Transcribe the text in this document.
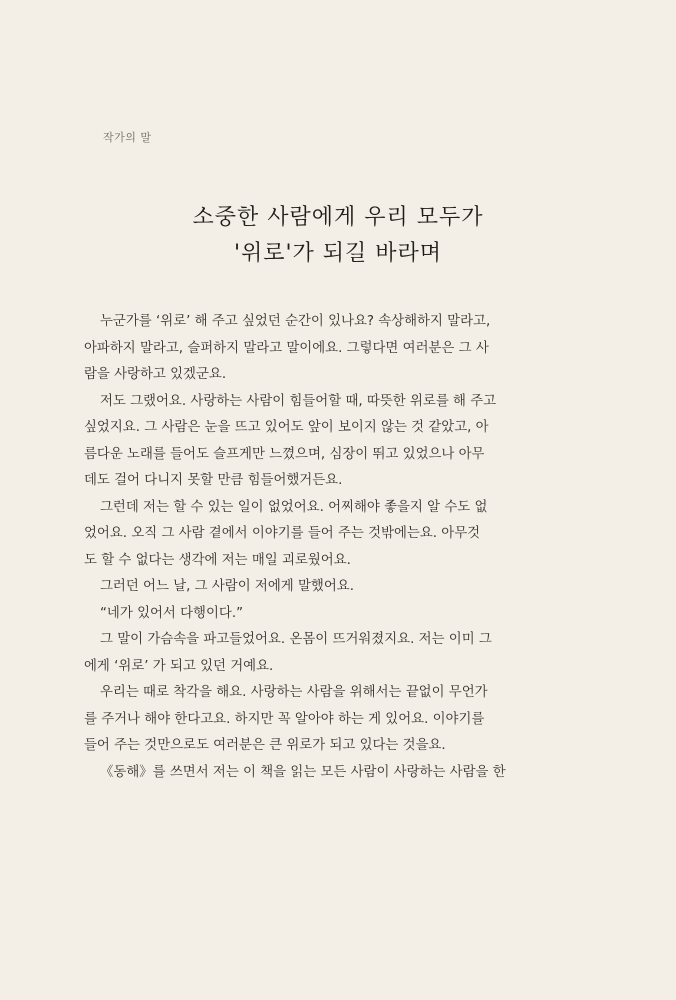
작가의 말
소중한 사람에게 우리 모두가
'위로'가 되길 바라며
누군가를 ‘위로’ 해 주고 싶었던 순간이 있나요? 속상해하지 말라고,
아파하지 말라고, 슬퍼하지 말라고 말이에요. 그렇다면 여러분은 그 사
람을 사랑하고 있겠군요.
저도 그랬어요. 사랑하는 사람이 힘들어할 때, 따뜻한 위로를 해 주고
싶었지요. 그 사람은 눈을 뜨고 있어도 앞이 보이지 않는 것 같았고, 아
름다운 노래를 들어도 슬프게만 느꼈으며, 심장이 뛰고 있었으나 아무
데도 걸어 다니지 못할 만큼 힘들어했거든요.
그런데 저는 할 수 있는 일이 없었어요. 어찌해야 좋을지 알 수도 없
었어요. 오직 그 사람 곁에서 이야기를 들어 주는 것밖에는요. 아무것
도 할 수 없다는 생각에 저는 매일 괴로웠어요.
그러던 어느 날, 그 사람이 저에게 말했어요.
“네가 있어서 다행이다.”
그 말이 가슴속을 파고들었어요. 온몸이 뜨거워졌지요. 저는 이미 그
에게 ‘위로’ 가 되고 있던 거예요.
우리는 때로 착각을 해요. 사랑하는 사람을 위해서는 끝없이 무언가
를 주거나 해야 한다고요. 하지만 꼭 알아야 하는 게 있어요. 이야기를
들어 주는 것만으로도 여러분은 큰 위로가 되고 있다는 것을요.
《동해》를 쓰면서 저는 이 책을 읽는 모든 사람이 사랑하는 사람을 한
